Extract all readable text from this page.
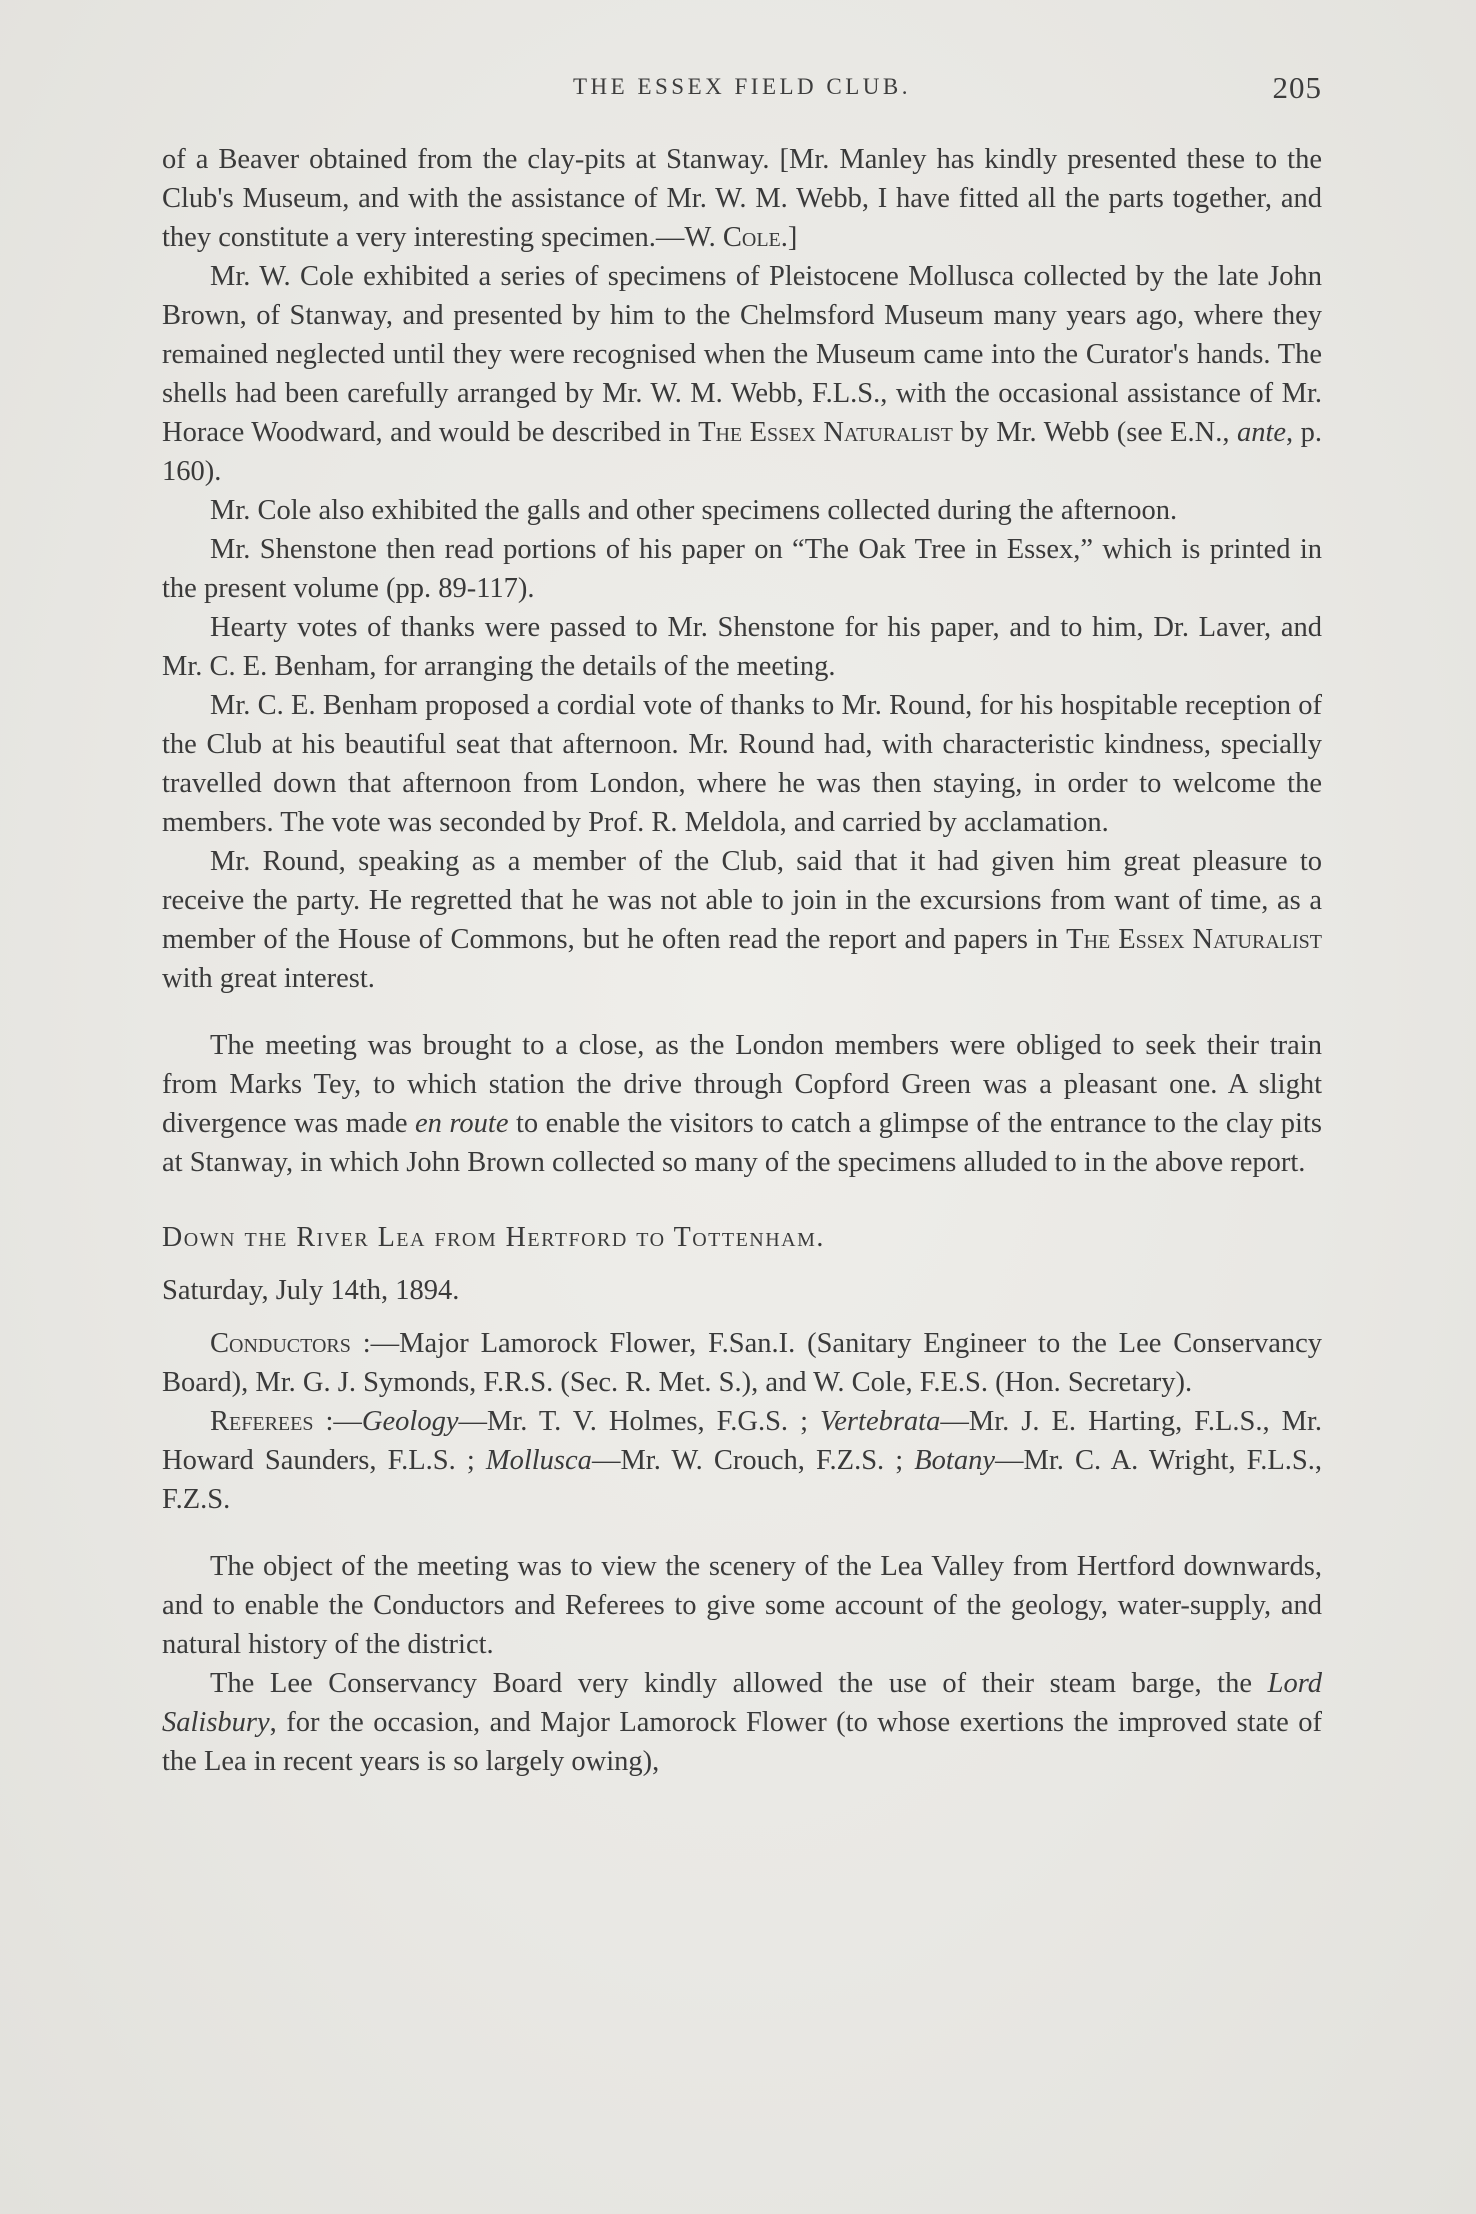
THE ESSEX FIELD CLUB.	205

of a Beaver obtained from the clay-pits at Stanway. [Mr. Manley has kindly presented these to the Club's Museum, and with the assistance of Mr. W. M. Webb, I have fitted all the parts together, and they constitute a very interesting specimen.—W. Cole.]

Mr. W. Cole exhibited a series of specimens of Pleistocene Mollusca collected by the late John Brown, of Stanway, and presented by him to the Chelmsford Museum many years ago, where they remained neglected until they were recognised when the Museum came into the Curator's hands. The shells had been carefully arranged by Mr. W. M. Webb, F.L.S., with the occasional assistance of Mr. Horace Woodward, and would be described in The Essex Naturalist by Mr. Webb (see E.N., ante, p. 160).

Mr. Cole also exhibited the galls and other specimens collected during the afternoon.

Mr. Shenstone then read portions of his paper on “The Oak Tree in Essex,” which is printed in the present volume (pp. 89-117).

Hearty votes of thanks were passed to Mr. Shenstone for his paper, and to him, Dr. Laver, and Mr. C. E. Benham, for arranging the details of the meeting.

Mr. C. E. Benham proposed a cordial vote of thanks to Mr. Round, for his hospitable reception of the Club at his beautiful seat that afternoon. Mr. Round had, with characteristic kindness, specially travelled down that afternoon from London, where he was then staying, in order to welcome the members. The vote was seconded by Prof. R. Meldola, and carried by acclamation.

Mr. Round, speaking as a member of the Club, said that it had given him great pleasure to receive the party. He regretted that he was not able to join in the excursions from want of time, as a member of the House of Commons, but he often read the report and papers in The Essex Naturalist with great interest.

The meeting was brought to a close, as the London members were obliged to seek their train from Marks Tey, to which station the drive through Copford Green was a pleasant one. A slight divergence was made en route to enable the visitors to catch a glimpse of the entrance to the clay pits at Stanway, in which John Brown collected so many of the specimens alluded to in the above report.

Down the River Lea from Hertford to Tottenham.

Saturday, July 14th, 1894.

Conductors :—Major Lamorock Flower, F.San.I. (Sanitary Engineer to the Lee Conservancy Board), Mr. G. J. Symonds, F.R.S. (Sec. R. Met. S.), and W. Cole, F.E.S. (Hon. Secretary).

Referees :—Geology—Mr. T. V. Holmes, F.G.S. ; Vertebrata—Mr. J. E. Harting, F.L.S., Mr. Howard Saunders, F.L.S. ; Mollusca—Mr. W. Crouch, F.Z.S. ; Botany—Mr. C. A. Wright, F.L.S., F.Z.S.

The object of the meeting was to view the scenery of the Lea Valley from Hertford downwards, and to enable the Conductors and Referees to give some account of the geology, water-supply, and natural history of the district.

The Lee Conservancy Board very kindly allowed the use of their steam barge, the Lord Salisbury, for the occasion, and Major Lamorock Flower (to whose exertions the improved state of the Lea in recent years is so largely owing),
